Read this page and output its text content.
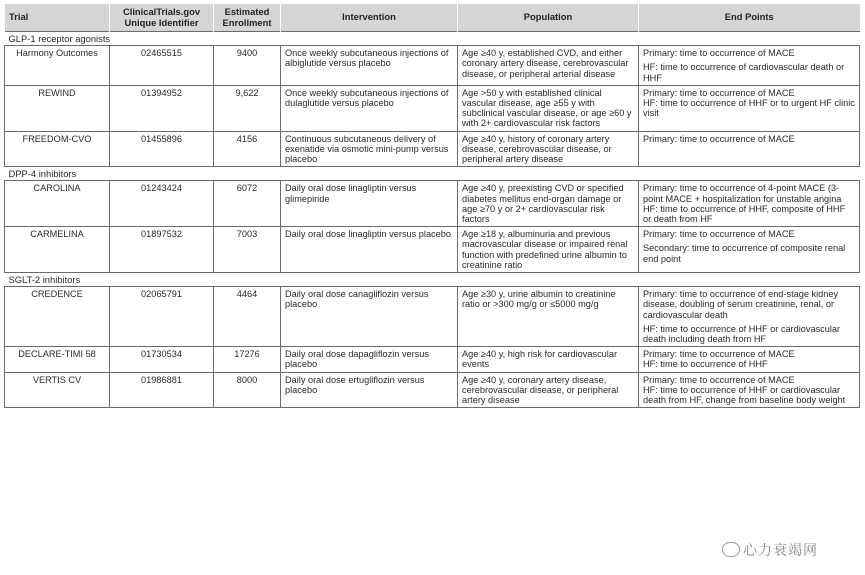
Trial	ClinicalTrials.gov Unique Identifier	Estimated Enrollment	Intervention	Population	End Points
GLP-1 receptor agonists					
Harmony Outcomes	02465515	9400	Once weekly subcutaneous injections of albiglutide versus placebo	Age ≥40 y, established CVD, and either coronary artery disease, cerebrovascular disease, or peripheral arterial disease	Primary: time to occurrence of MACE
HF: time to occurrence of cardiovascular death or HHF

REWIND	01394952	9,622	Once weekly subcutaneous injections of dulaglutide versus placebo	Age >50 y with established clinical vascular disease, age ≥55 y with subclinical vascular disease, or age ≥60 y with 2+ cardiovascular risk factors	Primary: time to occurrence of MACE
HF: time to occurrence of HHF or to urgent HF clinic visit

FREEDOM-CVO	01455896	4156	Continuous subcutaneous delivery of exenatide via osmotic mini-pump versus placebo	Age ≥40 y, history of coronary artery disease, cerebrovascular disease, or peripheral artery disease	Primary: time to occurrence of MACE

DPP-4 inhibitors					
CAROLINA	01243424	6072	Daily oral dose linagliptin versus glimepiride	Age ≥40 y, preexisting CVD or specified diabetes mellitus end-organ damage or age ≥70 y or 2+ cardiovascular risk factors	Primary: time to occurrence of 4-point MACE (3-point MACE + hospitalization for unstable angina
HF: time to occurrence of HHF, composite of HHF or death from HF

CARMELINA	01897532	7003	Daily oral dose linagliptin versus placebo	Age ≥18 y, albuminuria and previous macrovascular disease or impaired renal function with predefined urine albumin to creatinine ratio	Primary: time to occurrence of MACE
Secondary: time to occurrence of composite renal end point

SGLT-2 inhibitors					
CREDENCE	02065791	4464	Daily oral dose canagliflozin versus placebo	Age ≥30 y, urine albumin to creatinine ratio or >300 mg/g or ≤5000 mg/g	Primary: time to occurrence of end-stage kidney disease, doubling of serum creatinine, renal, or cardiovascular death
HF: time to occurrence of HHF or cardiovascular death including death from HF

DECLARE-TIMI 58	01730534	17276	Daily oral dose dapagliflozin versus placebo	Age ≥40 y, high risk for cardiovascular events	Primary: time to occurrence of MACE
HF: time to occurrence of HHF

VERTIS CV	01986881	8000	Daily oral dose ertugliflozin versus placebo	Age ≥40 y, coronary artery disease, cerebrovascular disease, or peripheral artery disease	Primary: time to occurrence of MACE
HF: time to occurrence of HHF or cardiovascular death from HF, change from baseline body weight
心力衰竭网
